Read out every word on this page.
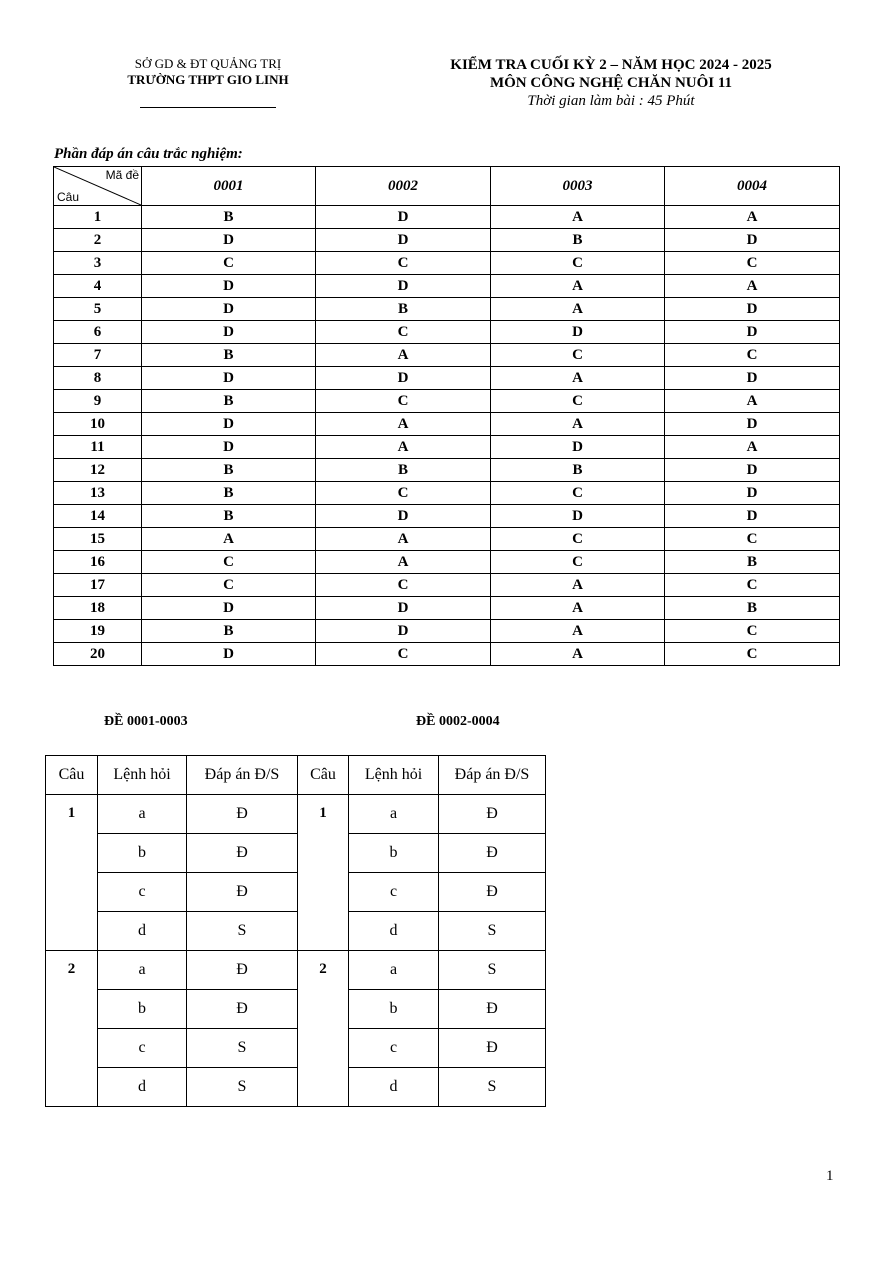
SỞ GD & ĐT QUẢNG TRỊ
TRƯỜNG THPT GIO LINH
KIỂM TRA CUỐI KỲ 2 – NĂM HỌC 2024 - 2025
MÔN CÔNG NGHỆ CHĂN NUÔI 11
Thời gian làm bài : 45 Phút
Phần đáp án câu trắc nghiệm:
Mã đề
Câu	0001	0002	0003	0004
1	B	D	A	A
2	D	D	B	D
3	C	C	C	C
4	D	D	A	A
5	D	B	A	D
6	D	C	D	D
7	B	A	C	C
8	D	D	A	D
9	B	C	C	A
10	D	A	A	D
11	D	A	D	A
12	B	B	B	D
13	B	C	C	D
14	B	D	D	D
15	A	A	C	C
16	C	A	C	B
17	C	C	A	C
18	D	D	A	B
19	B	D	A	C
20	D	C	A	C
ĐỀ 0001-0003	ĐỀ 0002-0004
Câu	Lệnh hỏi	Đáp án Đ/S	Câu	Lệnh hỏi	Đáp án Đ/S
1	a	Đ	1	a	Đ
	b	Đ		b	Đ
	c	Đ		c	Đ
	d	S		d	S
2	a	Đ	2	a	S
	b	Đ		b	Đ
	c	S		c	Đ
	d	S		d	S
1
